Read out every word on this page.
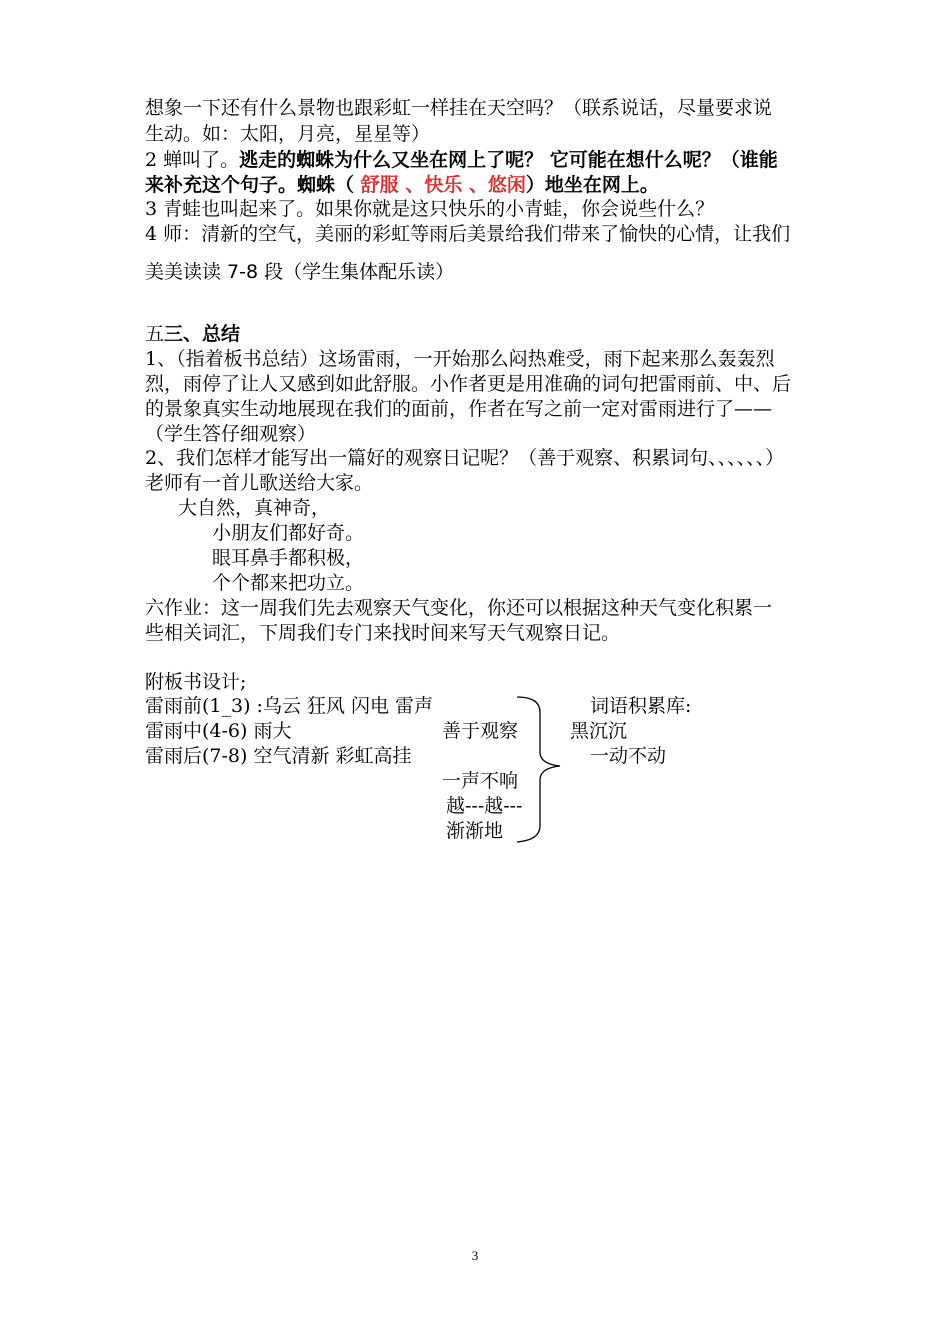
想象一下还有什么景物也跟彩虹一样挂在天空吗？（联系说话，尽量要求说
生动。如：太阳，月亮，星星等）
2 蝉叫了。逃走的蜘蛛为什么又坐在网上了呢？ 它可能在想什么呢？（谁能
来补充这个句子。蜘蛛（ 舒服 、快乐 、悠闲）地坐在网上。
3 青蛙也叫起来了。如果你就是这只快乐的小青蛙，你会说些什么？
4 师：清新的空气，美丽的彩虹等雨后美景给我们带来了愉快的心情，让我们
美美读读 7-8 段（学生集体配乐读）
五三、总结
1、（指着板书总结）这场雷雨，一开始那么闷热难受，雨下起来那么轰轰烈
烈，雨停了让人又感到如此舒服。小作者更是用准确的词句把雷雨前、中、后
的景象真实生动地展现在我们的面前，作者在写之前一定对雷雨进行了——
（学生答仔细观察）
2、我们怎样才能写出一篇好的观察日记呢？（善于观察、积累词句、、、、、、）
老师有一首儿歌送给大家。
大自然，真神奇，
小朋友们都好奇。
眼耳鼻手都积极，
个个都来把功立。
六作业：这一周我们先去观察天气变化，你还可以根据这种天气变化积累一
些相关词汇，下周我们专门来找时间来写天气观察日记。
附板书设计;
雷雨前(1_3) :乌云 狂风 闪电 雷声
雷雨中(4-6) 雨大
雷雨后(7-8) 空气清新 彩虹高挂
善于观察
一声不响
越---越---
渐渐地
词语积累库:
黑沉沉
一动不动
3
